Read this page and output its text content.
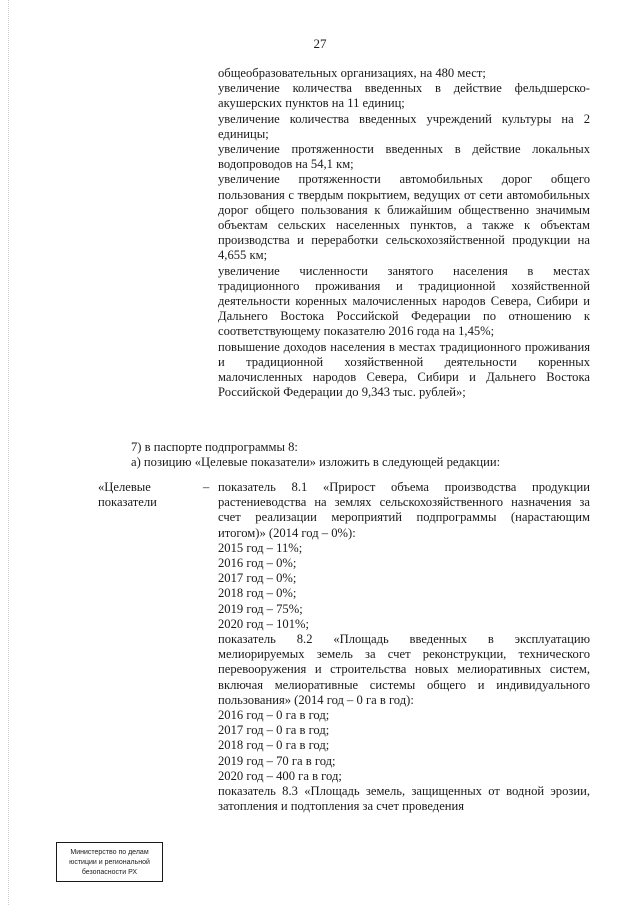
27

общеобразовательных организациях, на 480 мест;

увеличение количества введенных в действие фельдшерско-акушерских пунктов на 11 единиц;

увеличение количества введенных учреждений культуры на 2 единицы;

увеличение протяженности введенных в действие локальных водопроводов на 54,1 км;

увеличение протяженности автомобильных дорог общего пользования с твердым покрытием, ведущих от сети автомобильных дорог общего пользования к ближайшим общественно значимым объектам сельских населенных пунктов, а также к объектам производства и переработки сельскохозяйственной продукции на 4,655 км;

увеличение численности занятого населения в местах традиционного проживания и традиционной хозяйственной деятельности коренных малочисленных народов Севера, Сибири и Дальнего Востока Российской Федерации по отношению к соответствующему показателю 2016 года на 1,45%;

повышение доходов населения в местах традиционного проживания и традиционной хозяйственной деятельности коренных малочисленных народов Севера, Сибири и Дальнего Востока Российской Федерации до 9,343 тыс. рублей»;

7) в паспорте подпрограммы 8:

а) позицию «Целевые показатели» изложить в следующей редакции:

«Целевые

показатели

– показатель 8.1 «Прирост объема производства продукции растениеводства на землях сельскохозяйственного назначения за счет реализации мероприятий подпрограммы (нарастающим итогом)» (2014 год – 0%):

2015 год – 11%;

2016 год – 0%;

2017 год – 0%;

2018 год – 0%;

2019 год – 75%;

2020 год – 101%;

показатель 8.2 «Площадь введенных в эксплуатацию мелиорируемых земель за счет реконструкции, технического перевооружения и строительства новых мелиоративных систем, включая мелиоративные системы общего и индивидуального пользования» (2014 год – 0 га в год):

2016 год – 0 га в год;

2017 год – 0 га в год;

2018 год – 0 га в год;

2019 год – 70 га в год;

2020 год – 400 га в год;

показатель 8.3 «Площадь земель, защищенных от водной эрозии, затопления и подтопления за счет проведения

Министерство по делам
юстиции и региональной
безопасности РХ
